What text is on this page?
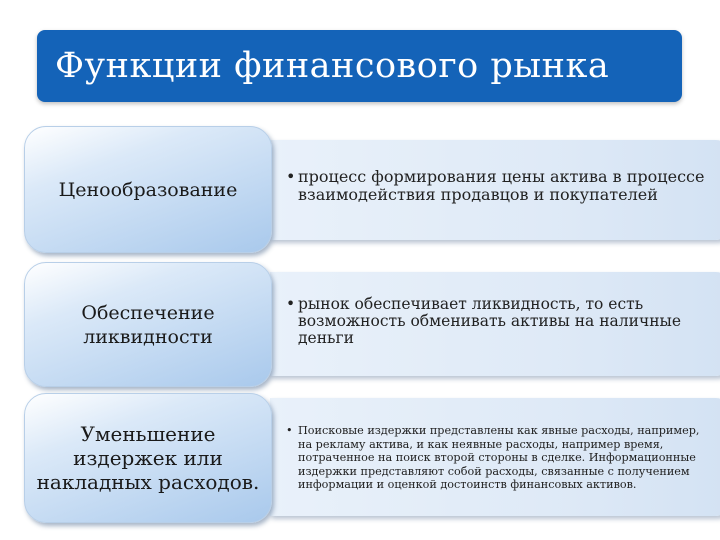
Функции финансового рынка
• процесс формирования цены актива в процессе взаимодействия продавцов и покупателей
Ценообразование
• рынок обеспечивает ликвидность, то есть возможность обменивать активы на наличные деньги
Обеспечение ликвидности
• Поисковые издержки представлены как явные расходы, например, на рекламу актива, и как неявные расходы, например время, потраченное на поиск второй стороны в сделке. Информационные издержки представляют собой расходы, связанные с получением информации и оценкой достоинств финансовых активов.
Уменьшение издержек или накладных расходов.
